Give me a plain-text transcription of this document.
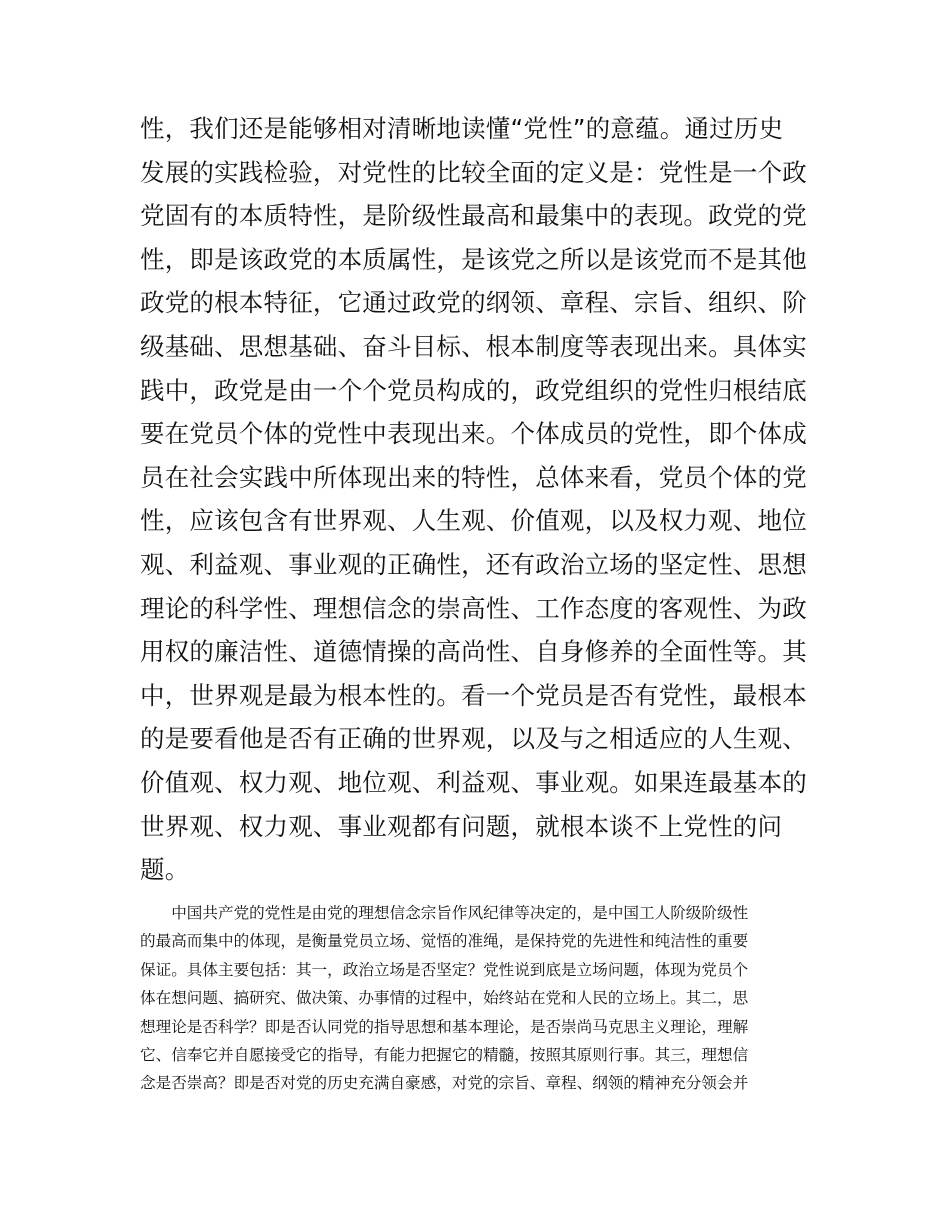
性，我们还是能够相对清晰地读懂“党性”的意蕴。通过历史
发展的实践检验，对党性的比较全面的定义是：党性是一个政
党固有的本质特性，是阶级性最高和最集中的表现。政党的党
性，即是该政党的本质属性，是该党之所以是该党而不是其他
政党的根本特征，它通过政党的纲领、章程、宗旨、组织、阶
级基础、思想基础、奋斗目标、根本制度等表现出来。具体实
践中，政党是由一个个党员构成的，政党组织的党性归根结底
要在党员个体的党性中表现出来。个体成员的党性，即个体成
员在社会实践中所体现出来的特性，总体来看，党员个体的党
性，应该包含有世界观、人生观、价值观，以及权力观、地位
观、利益观、事业观的正确性，还有政治立场的坚定性、思想
理论的科学性、理想信念的崇高性、工作态度的客观性、为政
用权的廉洁性、道德情操的高尚性、自身修养的全面性等。其
中，世界观是最为根本性的。看一个党员是否有党性，最根本
的是要看他是否有正确的世界观，以及与之相适应的人生观、
价值观、权力观、地位观、利益观、事业观。如果连最基本的
世界观、权力观、事业观都有问题，就根本谈不上党性的问
题。
　　中国共产党的党性是由党的理想信念宗旨作风纪律等决定的，是中国工人阶级阶级性
的最高而集中的体现，是衡量党员立场、觉悟的准绳，是保持党的先进性和纯洁性的重要
保证。具体主要包括：其一，政治立场是否坚定？党性说到底是立场问题，体现为党员个
体在想问题、搞研究、做决策、办事情的过程中，始终站在党和人民的立场上。其二，思
想理论是否科学？即是否认同党的指导思想和基本理论，是否崇尚马克思主义理论，理解
它、信奉它并自愿接受它的指导，有能力把握它的精髓，按照其原则行事。其三，理想信
念是否崇高？即是否对党的历史充满自豪感，对党的宗旨、章程、纲领的精神充分领会并
